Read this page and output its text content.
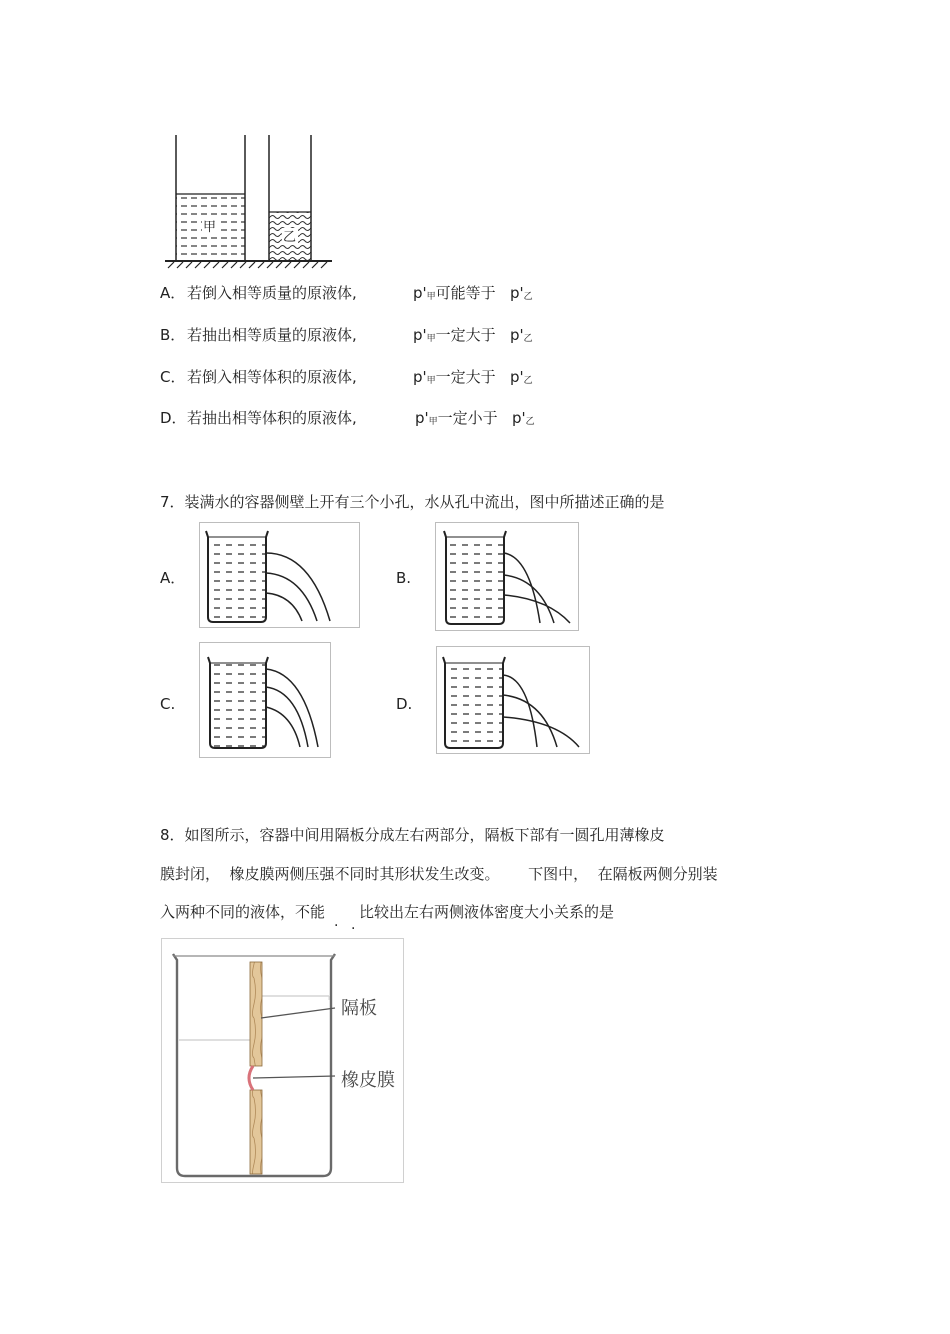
甲
乙
A． 若倒入相等质量的原液体,	p'甲可能等于 p'乙
B． 若抽出相等质量的原液体,	p'甲一定大于 p'乙
C． 若倒入相等体积的原液体,	p'甲一定大于 p'乙
D． 若抽出相等体积的原液体,	p'甲一定小于 p'乙
7．装满水的容器侧壁上开有三个小孔，水从孔中流出，图中所描述正确的是
A．	B.
C.	D.
8．如图所示，容器中间用隔板分成左右两部分，隔板下部有一圆孔用薄橡皮
膜封闭，  橡皮膜两侧压强不同时其形状发生改变。      下图中，  在隔板两侧分别装
入两种不同的液体，不能 比较出左右两侧液体密度大小关系的是
. .
隔板
橡皮膜
